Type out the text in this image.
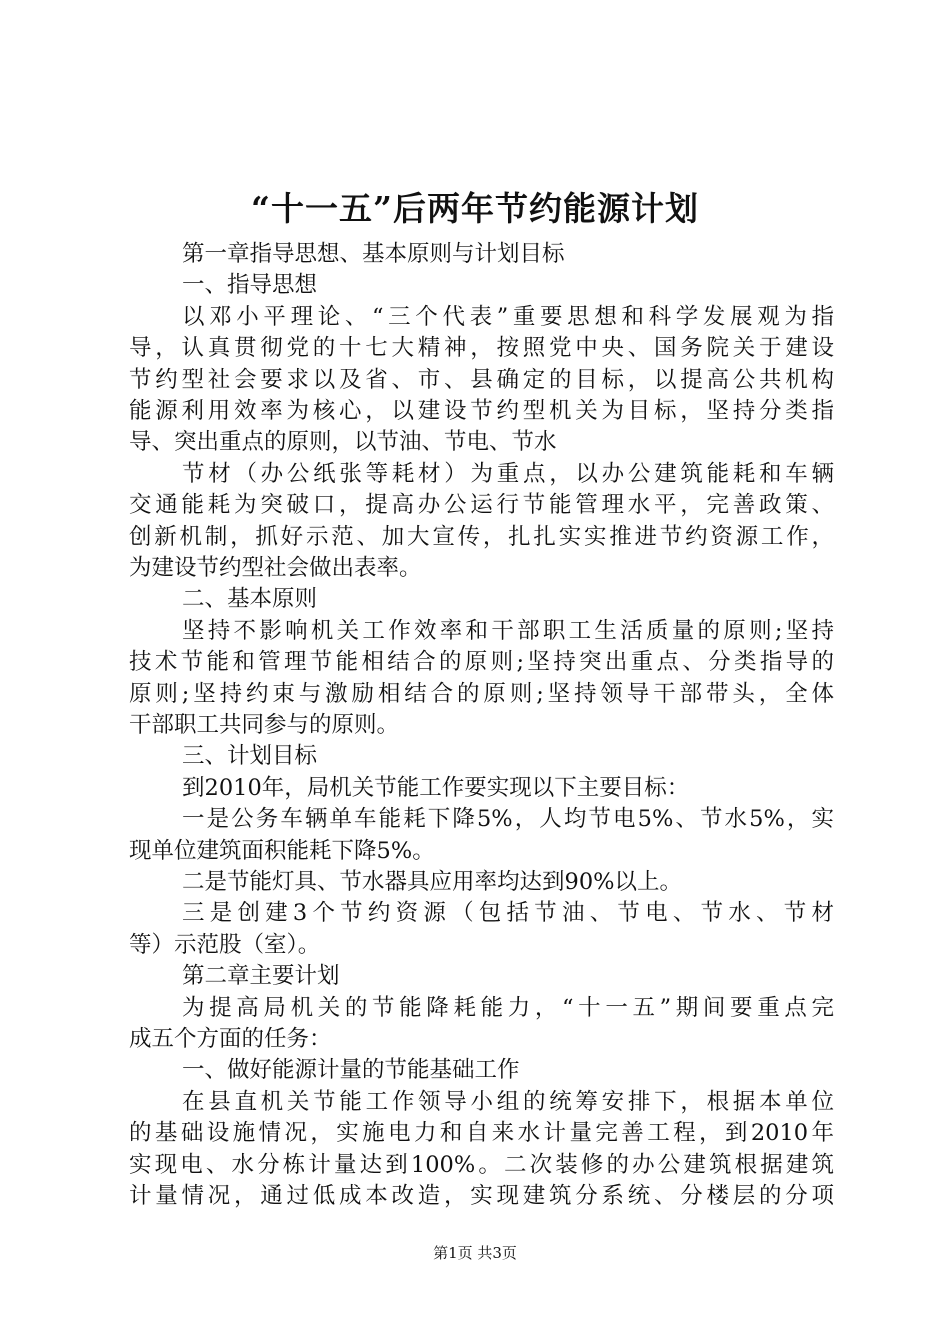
“十一五”后两年节约能源计划
第一章指导思想、基本原则与计划目标
一、指导思想
以邓小平理论、“三个代表”重要思想和科学发展观为指
导，认真贯彻党的十七大精神，按照党中央、国务院关于建设
节约型社会要求以及省、市、县确定的目标，以提高公共机构
能源利用效率为核心，以建设节约型机关为目标，坚持分类指
导、突出重点的原则，以节油、节电、节水
节材（办公纸张等耗材）为重点，以办公建筑能耗和车辆
交通能耗为突破口，提高办公运行节能管理水平，完善政策、
创新机制，抓好示范、加大宣传，扎扎实实推进节约资源工作，
为建设节约型社会做出表率。
二、基本原则
坚持不影响机关工作效率和干部职工生活质量的原则;坚持
技术节能和管理节能相结合的原则;坚持突出重点、分类指导的
原则;坚持约束与激励相结合的原则;坚持领导干部带头，全体
干部职工共同参与的原则。
三、计划目标
到2010年，局机关节能工作要实现以下主要目标：
一是公务车辆单车能耗下降5%，人均节电5%、节水5%，实
现单位建筑面积能耗下降5%。
二是节能灯具、节水器具应用率均达到90%以上。
三是创建3个节约资源（包括节油、节电、节水、节材
等）示范股（室）。
第二章主要计划
为提高局机关的节能降耗能力，“十一五”期间要重点完
成五个方面的任务：
一、做好能源计量的节能基础工作
在县直机关节能工作领导小组的统筹安排下，根据本单位
的基础设施情况，实施电力和自来水计量完善工程，到2010年
实现电、水分栋计量达到100%。二次装修的办公建筑根据建筑
计量情况，通过低成本改造，实现建筑分系统、分楼层的分项
第1页 共3页
